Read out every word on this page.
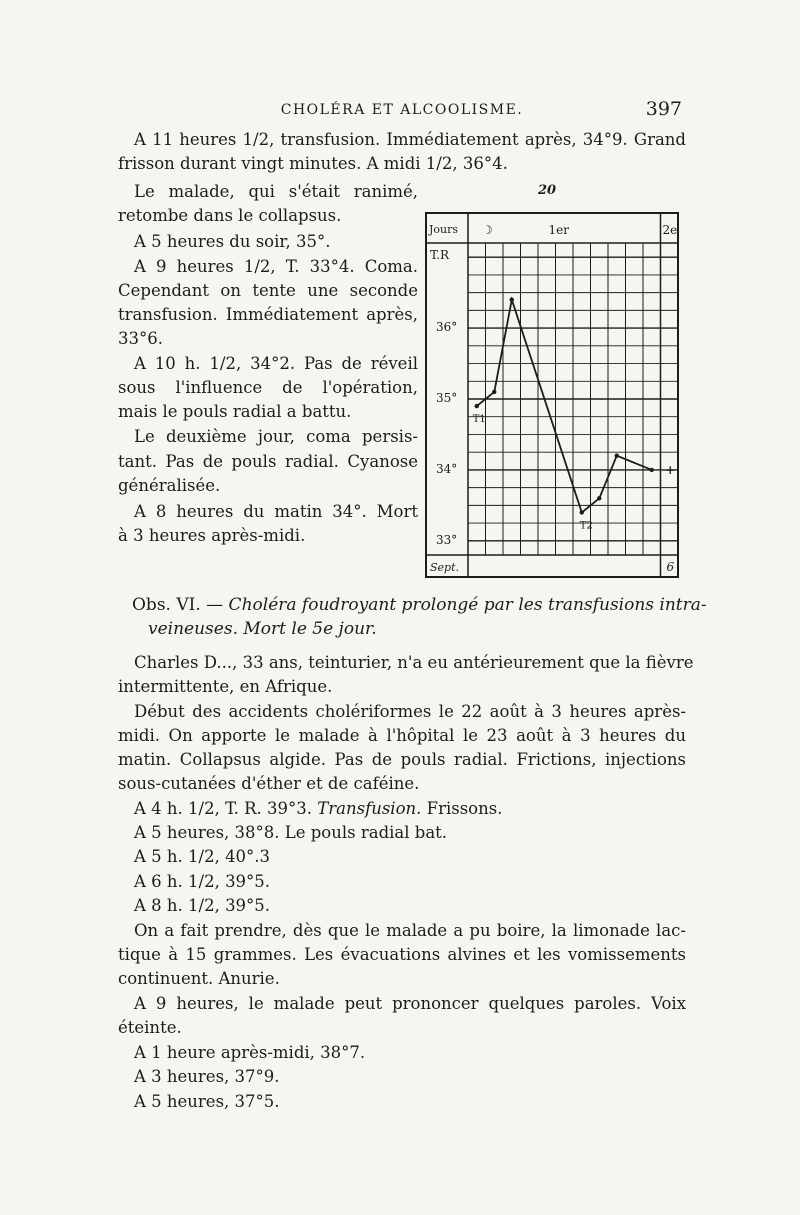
CHOLÉRA ET ALCOOLISME.	397
A 11 heures 1/2, transfusion. Immédiatement après, 34°9. Grand
frisson durant vingt minutes. A midi 1/2, 36°4.
Le malade, qui s'était ranimé,
retombe dans le collapsus.
A 5 heures du soir, 35°.
A 9 heures 1/2, T. 33°4. Coma.
Cependant on tente une seconde
transfusion. Immédiatement après,
33°6.
A 10 h. 1/2, 34°2. Pas de réveil
sous l'influence de l'opération,
mais le pouls radial a battu.
Le deuxième jour, coma persis-
tant. Pas de pouls radial. Cyanose
généralisée.
A 8 heures du matin 34°. Mort
à 3 heures après-midi.
20
Jours ☽	1er	2e
T.R
36°
35°
34°
33°
Sept.	6
+
T1
T2
Obs. VI. — Choléra foudroyant prolongé par les transfusions intra-
veineuses. Mort le 5e jour.
Charles D..., 33 ans, teinturier, n'a eu antérieurement que la fièvre
intermittente, en Afrique.
Début des accidents cholériformes le 22 août à 3 heures après-
midi. On apporte le malade à l'hôpital le 23 août à 3 heures du
matin. Collapsus algide. Pas de pouls radial. Frictions, injections
sous-cutanées d'éther et de caféine.
A 4 h. 1/2, T. R. 39°3. Transfusion. Frissons.
A 5 heures, 38°8. Le pouls radial bat.
A 5 h. 1/2, 40°.3
A 6 h. 1/2, 39°5.
A 8 h. 1/2, 39°5.
On a fait prendre, dès que le malade a pu boire, la limonade lac-
tique à 15 grammes. Les évacuations alvines et les vomissements
continuent. Anurie.
A 9 heures, le malade peut prononcer quelques paroles. Voix
éteinte.
A 1 heure après-midi, 38°7.
A 3 heures, 37°9.
A 5 heures, 37°5.
